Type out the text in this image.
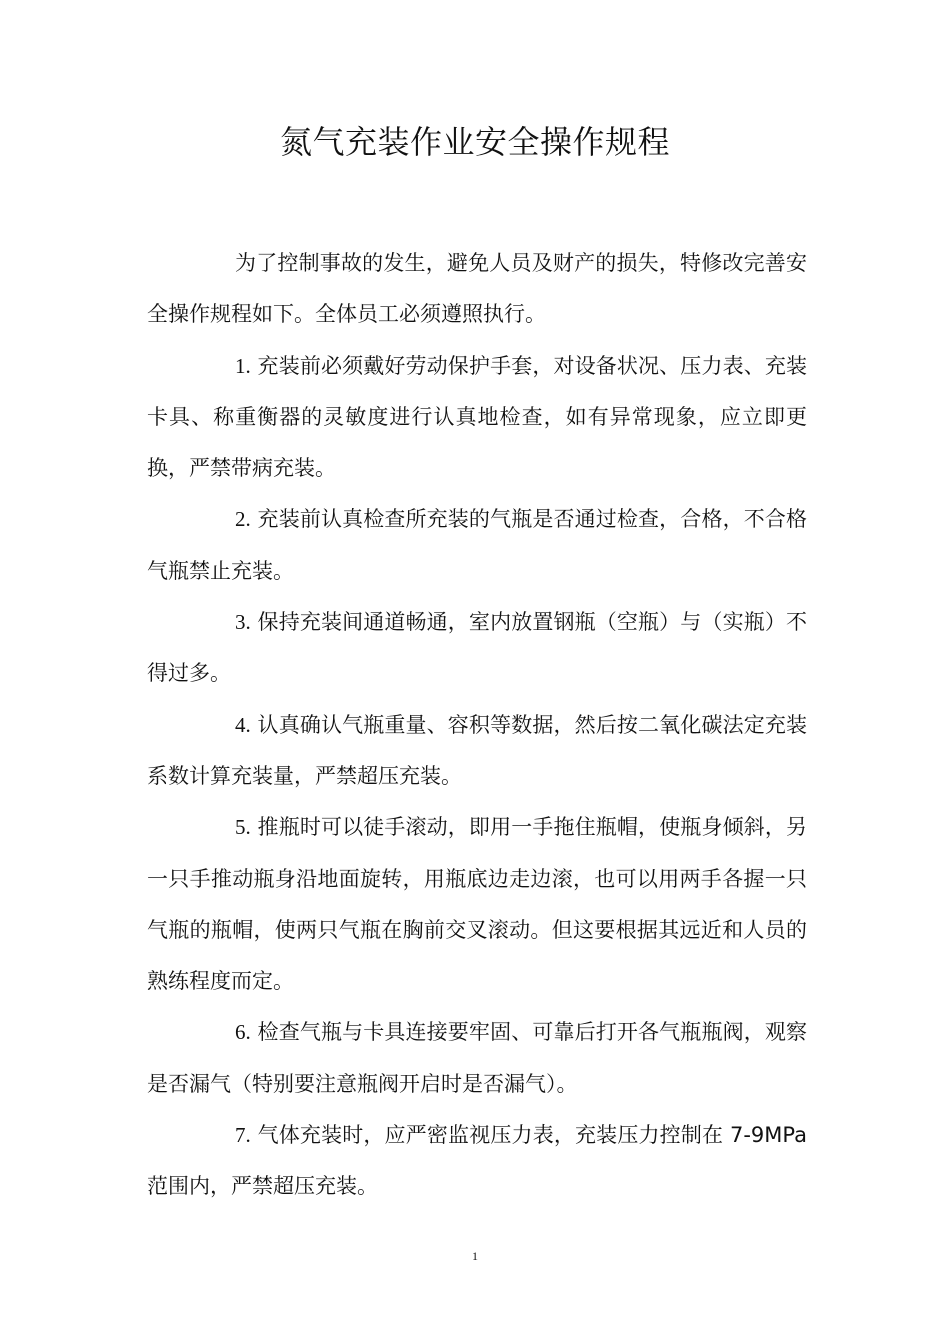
氮气充装作业安全操作规程

为了控制事故的发生，避免人员及财产的损失，特修改完善安全操作规程如下。全体员工必须遵照执行。

1. 充装前必须戴好劳动保护手套，对设备状况、压力表、充装卡具、称重衡器的灵敏度进行认真地检查，如有异常现象，应立即更换，严禁带病充装。

2. 充装前认真检查所充装的气瓶是否通过检查，合格，不合格气瓶禁止充装。

3. 保持充装间通道畅通，室内放置钢瓶（空瓶）与（实瓶）不得过多。

4. 认真确认气瓶重量、容积等数据，然后按二氧化碳法定充装系数计算充装量，严禁超压充装。

5. 推瓶时可以徒手滚动，即用一手拖住瓶帽，使瓶身倾斜，另一只手推动瓶身沿地面旋转，用瓶底边走边滚，也可以用两手各握一只气瓶的瓶帽，使两只气瓶在胸前交叉滚动。但这要根据其远近和人员的熟练程度而定。

6. 检查气瓶与卡具连接要牢固、可靠后打开各气瓶瓶阀，观察是否漏气（特别要注意瓶阀开启时是否漏气）。

7. 气体充装时，应严密监视压力表，充装压力控制在 7-9MPa 范围内，严禁超压充装。

1
